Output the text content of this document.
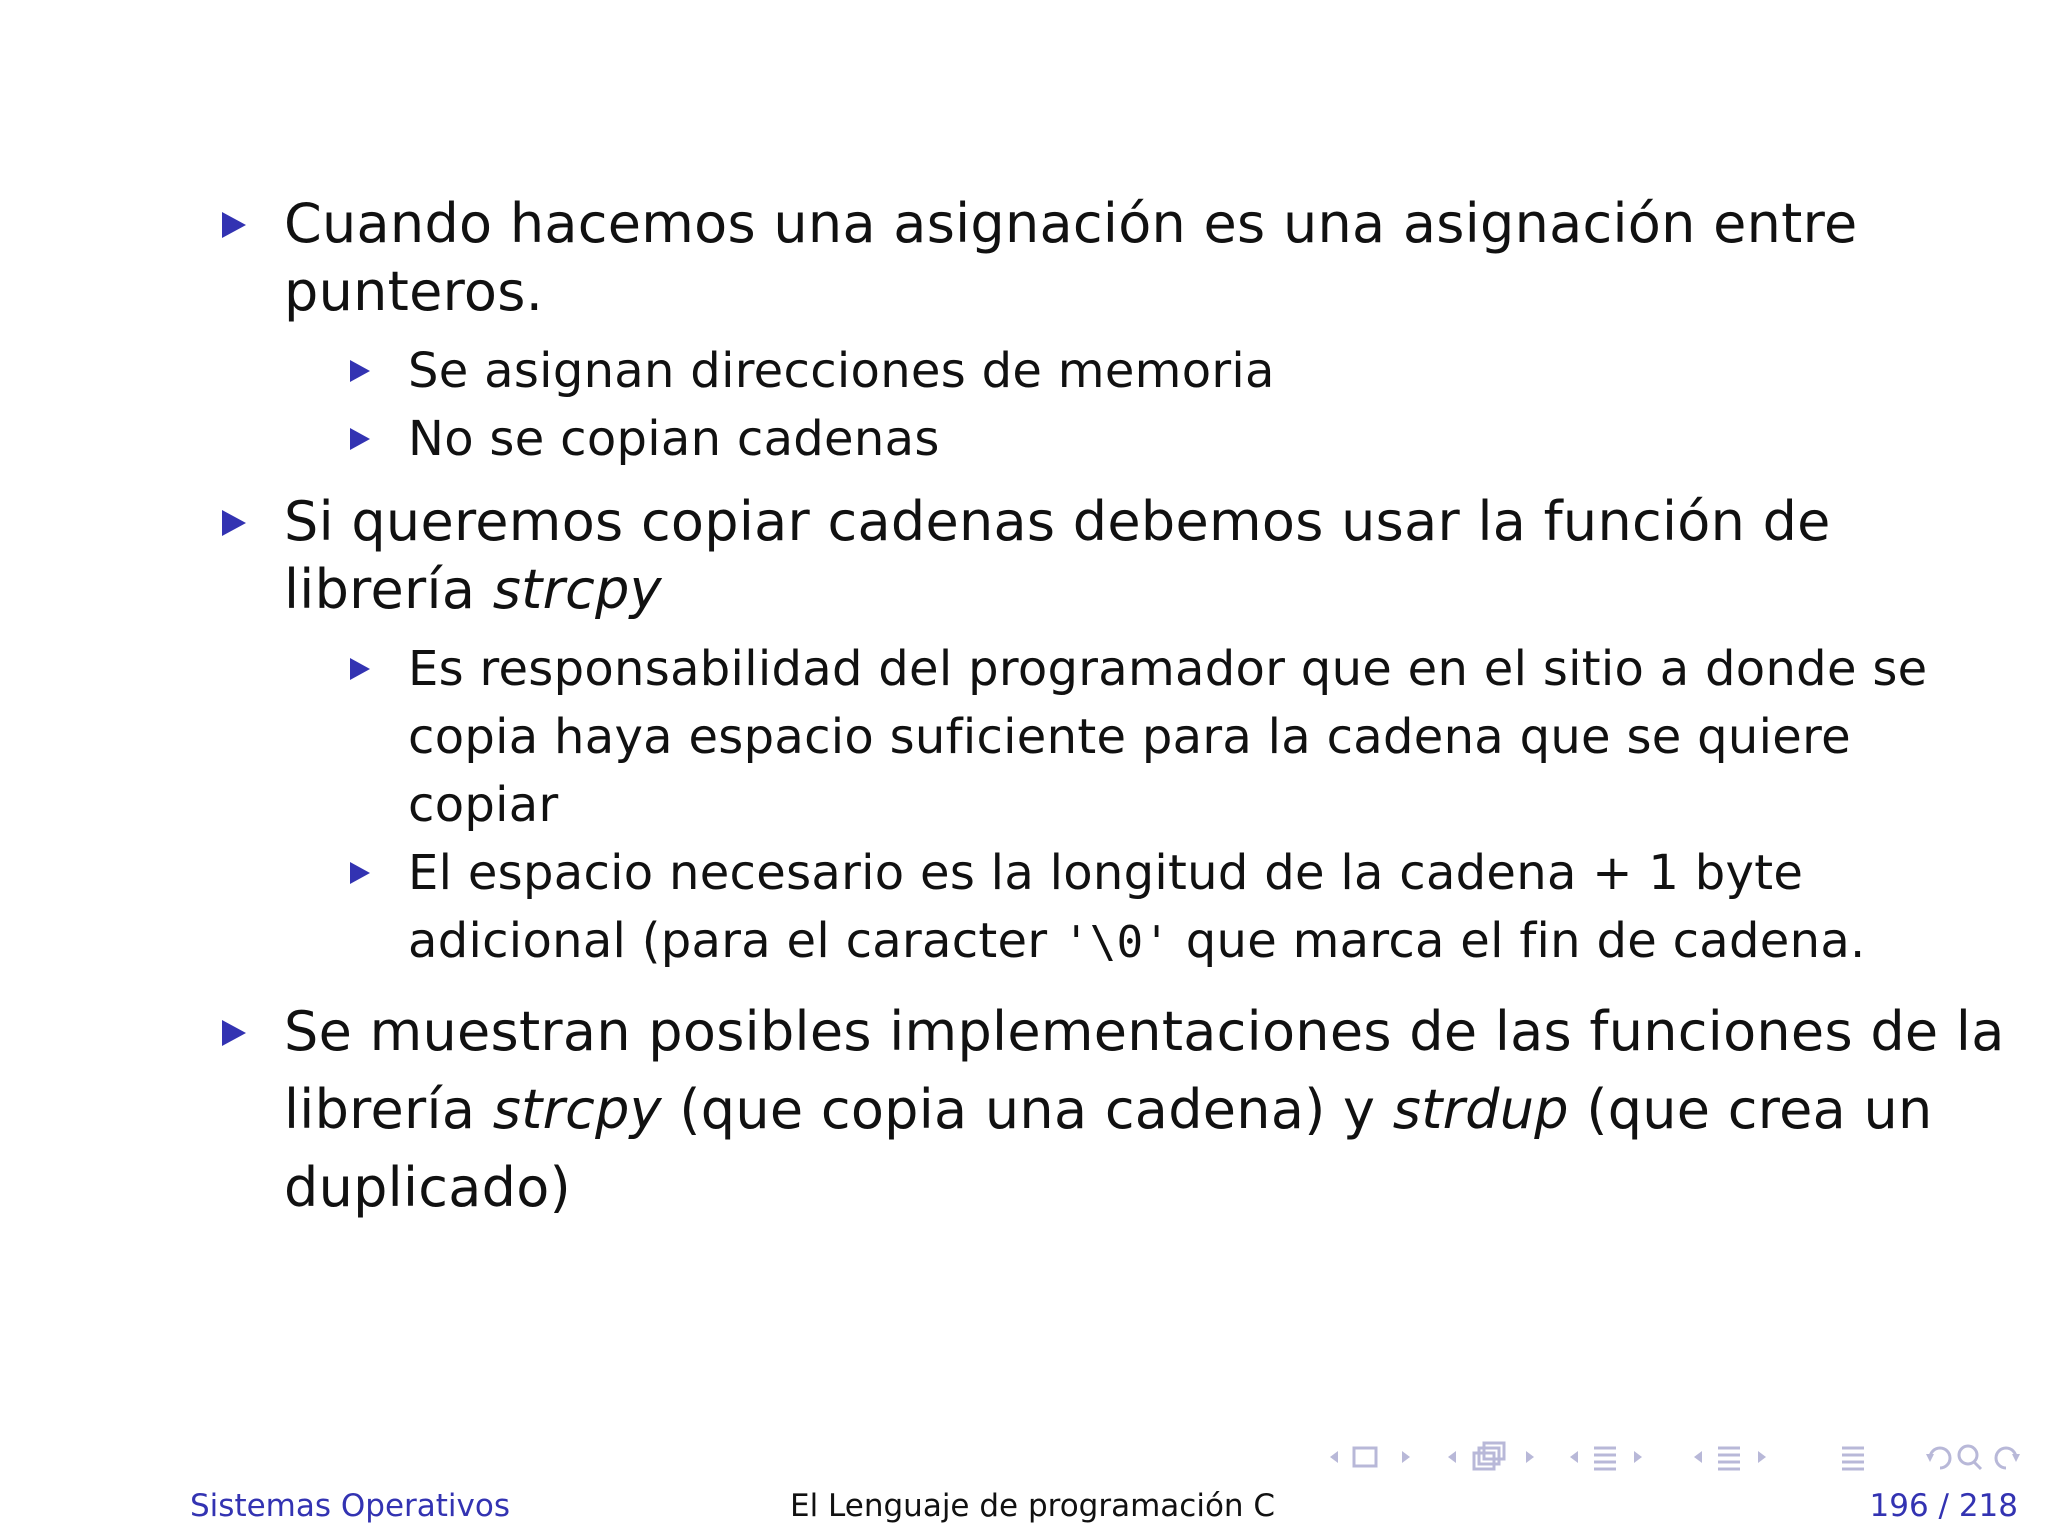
Cuando hacemos una asignación es una asignación entre
punteros.
Se asignan direcciones de memoria
No se copian cadenas
Si queremos copiar cadenas debemos usar la función de
librería strcpy
Es responsabilidad del programador que en el sitio a donde se
copia haya espacio suficiente para la cadena que se quiere
copiar
El espacio necesario es la longitud de la cadena + 1 byte
adicional (para el caracter '\0' que marca el fin de cadena.
Se muestran posibles implementaciones de las funciones de la
librería strcpy (que copia una cadena) y strdup (que crea un
duplicado)
Sistemas Operativos	El Lenguaje de programación C	196 / 218
